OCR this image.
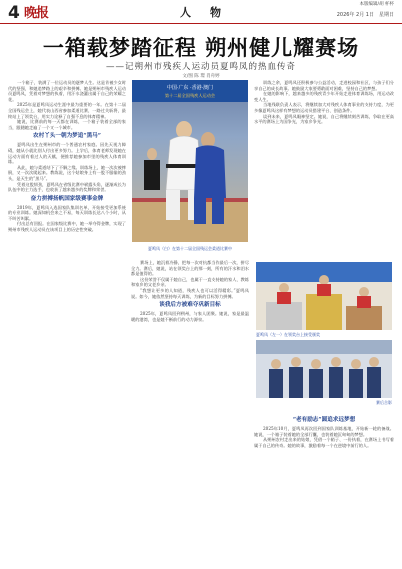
4 晚报	人　物
本版编辑/胡 杯杯
2026年 2月 1日　星期日
一箱载梦踏征程 朔州健儿耀赛场
——记朔州市残疾人运动员夏鸣凤的热血传奇
文/图 陈 璟 肖舟婷

一个箱子，装满了一位运动员的逐梦人生。这是肯被少女时代的坚强，和她追梦路上的艰辛和拼搏。她是朔州市残疾人运动员夏鸣凤，凭着对梦想的执着，用汗水浇灌出属于自己的荣耀之花。

2025年是夏鸣凤运动生涯中最为重要的一年。在第十二届全国残运会上，她代表山西省参加柔道比赛，一路过关斩将，最终站上了领奖台，用实力诠释了自强不息的体育精神。

她说，比赛前的每一天都在训练，一个箱子装着全部的家当，跟随她走遍了一个又一个城市。

农村丫头一朝为梦追“黑马”

夏鸣凤出生在朔州市的一个普通农村家庭。因先天视力障碍，她从小就比别人付出更多努力。上学后，体育老师发现她在运动方面有着过人的天赋，便推荐她参加市里的残疾人体育训练。

从此，她与柔道结下了不解之缘。训练场上，她一次次被摔倒，又一次次爬起来。教练说，这个姑娘身上有一股不服输的劲头，是天生的“黑马”。

凭着这股韧劲，夏鸣凤在省级比赛中崭露头角，逐渐成长为队伍中的主力选手，也收获了越来越多的奖牌和荣誉。

奋力拼搏扬帆国家级赛事金牌

2019年，夏鸣凤入选国家队集训名单，开始接受更加系统的专业训练。她深知机会来之不易，每天训练长达八个小时，从不叫苦叫累。

付出总有回报。在国家级比赛中，她一举夺得金牌，实现了朔州市残疾人运动员在该项目上的历史性突破。

中国·广东 ·香港·澳门
第十二届全国残疾人运动会
夏鸣凤（白）在第十二届全国残运会柔道比赛中

赛场上，她沉着冷静，把每一次对抗都当作最后一次，拼尽全力。赛后，她说，站在领奖台上的那一刻，所有的汗水和泪水都是值得的。

这份荣誉不仅属于她自己，也属于一直支持她的家人、教练和家乡的父老乡亲。

“我想让更多的人知道，残疾人也可以活得精彩。”夏鸣凤说。如今，她依然坚持每天训练，为新的目标努力拼搏。

谈我后方被难夺巩新目标

2025年，夏鸣凤回到朔州，与家人团聚。她说，家是最温暖的港湾，也是她不断前行的动力源泉。

训练之余，夏鸣凤还积极参与公益活动，走进校园和社区，与孩子们分享自己的成长故事。她鼓励大家要勇敢面对困难，坚持自己的梦想。

在她的影响下，越来越多的残疾青少年开始走进体育训练场，用运动改变人生。

当地残联负责人表示，将继续加大对残疾人体育事业的支持力度，为更多像夏鸣凤这样有梦想的运动员搭建平台、创造条件。

谈到未来，夏鸣凤眼神坚定。她说，自己将继续刻苦训练，争取在更高水平的赛场上为国争光，为家乡争光。

夏鸣凤（左一）在领奖台上接受颁奖
赛后合影
“老有励志”圆追求远梦想

2025年10月，夏鸣凤再次回到国家队训练基地，开始新一轮的备战。她说，一个箱子装着她的全部行囊，也装着她沉甸甸的梦想。

从朔州农村走出来的姑娘，凭借一个箱子、一份执着，在赛场上书写着属于自己的传奇。她的故事，激励着每一个在逆境中前行的人。
